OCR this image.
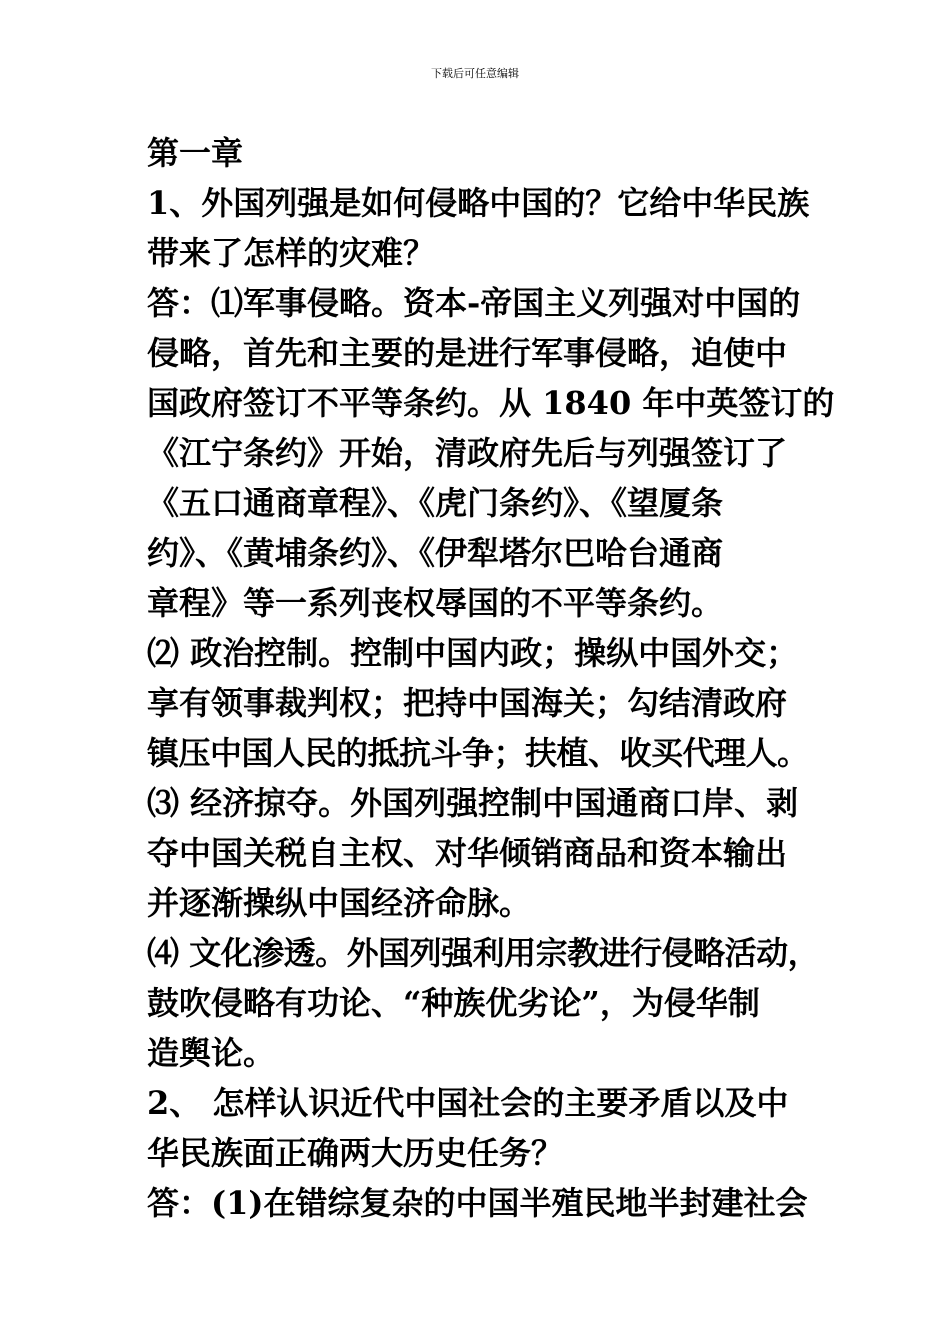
下载后可任意编辑
第一章
1、外国列强是如何侵略中国的？它给中华民族
带来了怎样的灾难？
答：⑴军事侵略。资本-帝国主义列强对中国的
侵略，首先和主要的是进行军事侵略，迫使中
国政府签订不平等条约。从 1840 年中英签订的
《江宁条约》开始，清政府先后与列强签订了
《五口通商章程》、《虎门条约》、《望厦条
约》、《黄埔条约》、《伊犁塔尔巴哈台通商
章程》等一系列丧权辱国的不平等条约。
⑵ 政治控制。控制中国内政；操纵中国外交；
享有领事裁判权；把持中国海关；勾结清政府
镇压中国人民的抵抗斗争；扶植、收买代理人。
⑶ 经济掠夺。外国列强控制中国通商口岸、剥
夺中国关税自主权、对华倾销商品和资本输出
并逐渐操纵中国经济命脉。
⑷ 文化渗透。外国列强利用宗教进行侵略活动，
鼓吹侵略有功论、“种族优劣论”，为侵华制
造舆论。
2、 怎样认识近代中国社会的主要矛盾以及中
华民族面正确两大历史任务？
答：(1)在错综复杂的中国半殖民地半封建社会
